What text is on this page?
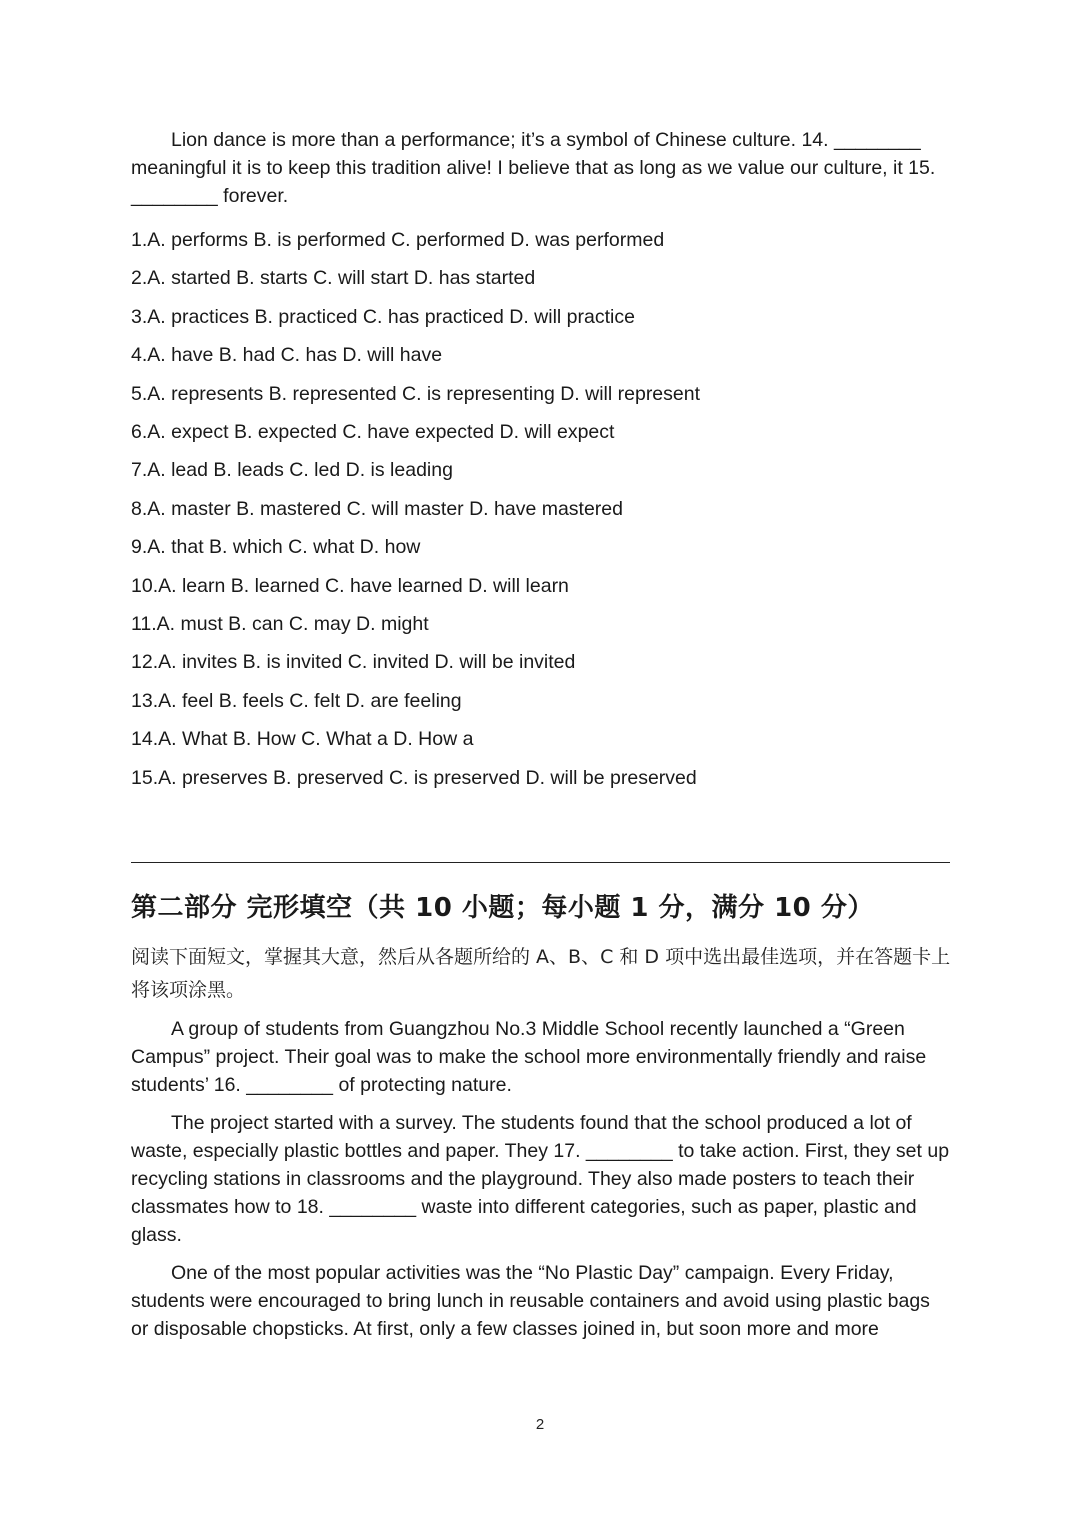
Lion dance is more than a performance; it’s a symbol of Chinese culture. 14. ________ meaningful it is to keep this tradition alive! I believe that as long as we value our culture, it 15. ________ forever.

1.A. performs B. is performed C. performed D. was performed

2.A. started B. starts C. will start D. has started

3.A. practices B. practiced C. has practiced D. will practice

4.A. have B. had C. has D. will have

5.A. represents B. represented C. is representing D. will represent

6.A. expect B. expected C. have expected D. will expect

7.A. lead B. leads C. led D. is leading

8.A. master B. mastered C. will master D. have mastered

9.A. that B. which C. what D. how

10.A. learn B. learned C. have learned D. will learn

11.A. must B. can C. may D. might

12.A. invites B. is invited C. invited D. will be invited

13.A. feel B. feels C. felt D. are feeling

14.A. What B. How C. What a D. How a

15.A. preserves B. preserved C. is preserved D. will be preserved

第二部分 完形填空（共 10 小题；每小题 1 分，满分 10 分）

阅读下面短文，掌握其大意，然后从各题所给的 A、B、C 和 D 项中选出最佳选项，并在答题卡上将该项涂黑。

A group of students from Guangzhou No.3 Middle School recently launched a “Green Campus” project. Their goal was to make the school more environmentally friendly and raise students’ 16. ________ of protecting nature.

The project started with a survey. The students found that the school produced a lot of waste, especially plastic bottles and paper. They 17. ________ to take action. First, they set up recycling stations in classrooms and the playground. They also made posters to teach their classmates how to 18. ________ waste into different categories, such as paper, plastic and glass.

One of the most popular activities was the “No Plastic Day” campaign. Every Friday, students were encouraged to bring lunch in reusable containers and avoid using plastic bags or disposable chopsticks. At first, only a few classes joined in, but soon more and more

2
